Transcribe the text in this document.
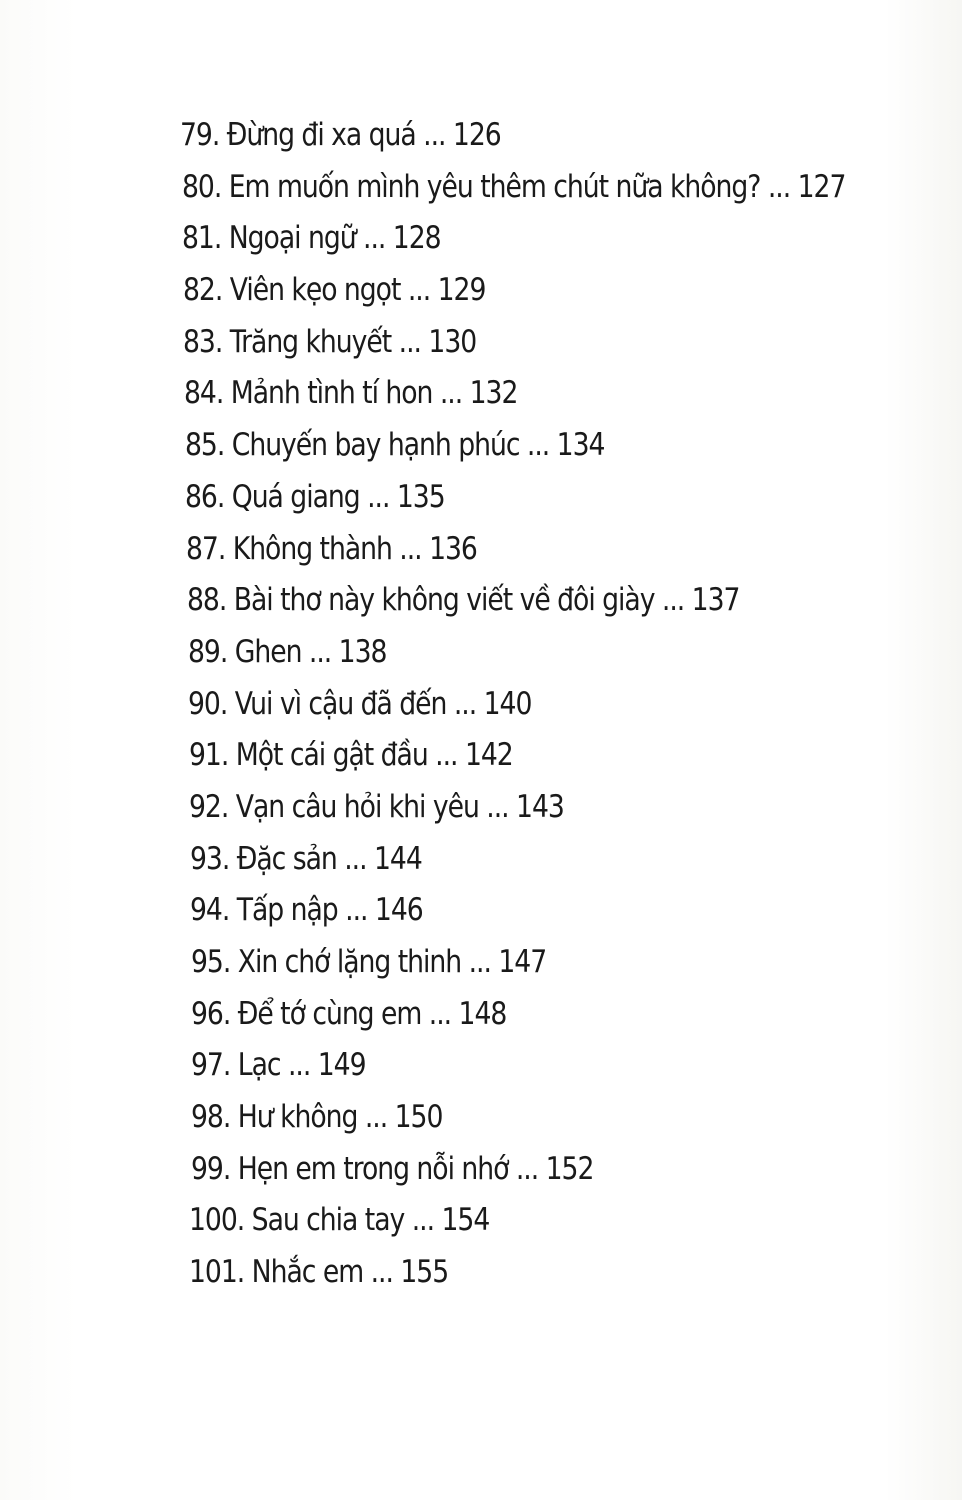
79. Đừng đi xa quá ... 126
80. Em muốn mình yêu thêm chút nữa không? ... 127
81. Ngoại ngữ ... 128
82. Viên kẹo ngọt ... 129
83. Trăng khuyết ... 130
84. Mảnh tình tí hon ... 132
85. Chuyến bay hạnh phúc ... 134
86. Quá giang ... 135
87. Không thành ... 136
88. Bài thơ này không viết về đôi giày ... 137
89. Ghen ... 138
90. Vui vì cậu đã đến ... 140
91. Một cái gật đầu ... 142
92. Vạn câu hỏi khi yêu ... 143
93. Đặc sản ... 144
94. Tấp nập ... 146
95. Xin chớ lặng thinh ... 147
96. Để tớ cùng em ... 148
97. Lạc ... 149
98. Hư không ... 150
99. Hẹn em trong nỗi nhớ ... 152
100. Sau chia tay ... 154
101. Nhắc em ... 155
